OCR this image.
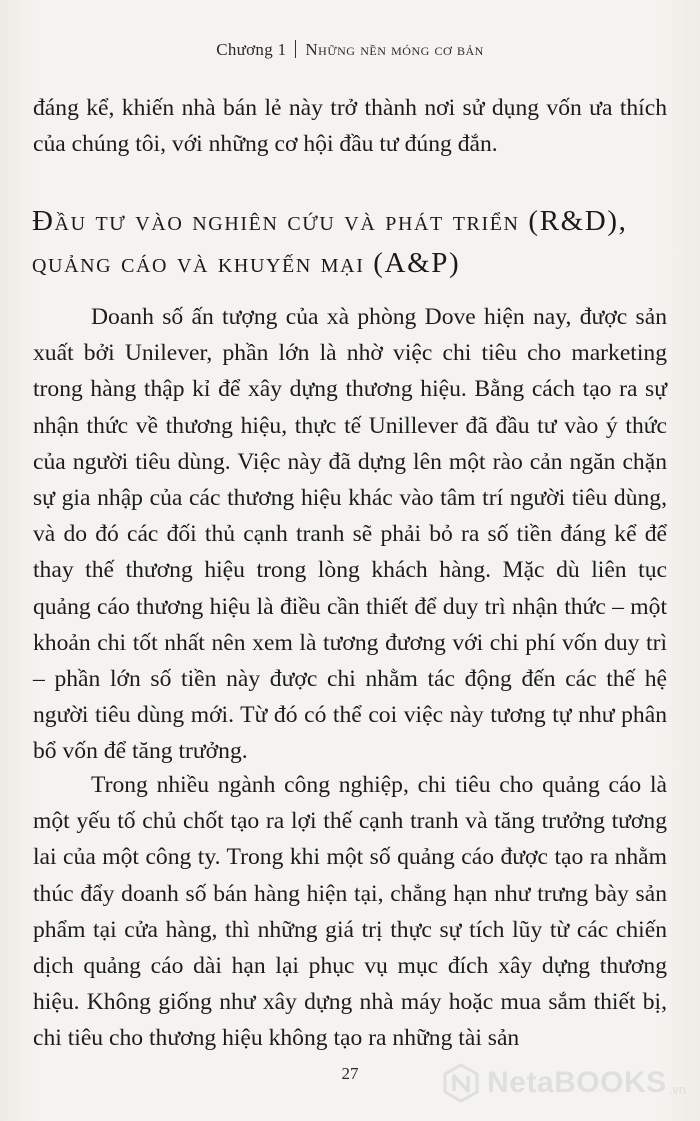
Chương 1 Những nền móng cơ bản

đáng kể, khiến nhà bán lẻ này trở thành nơi sử dụng vốn ưa thích của chúng tôi, với những cơ hội đầu tư đúng đắn.

Đầu tư vào nghiên cứu và phát triển (R&D), quảng cáo và khuyến mại (A&P)

Doanh số ấn tượng của xà phòng Dove hiện nay, được sản xuất bởi Unilever, phần lớn là nhờ việc chi tiêu cho marketing trong hàng thập kỉ để xây dựng thương hiệu. Bằng cách tạo ra sự nhận thức về thương hiệu, thực tế Unillever đã đầu tư vào ý thức của người tiêu dùng. Việc này đã dựng lên một rào cản ngăn chặn sự gia nhập của các thương hiệu khác vào tâm trí người tiêu dùng, và do đó các đối thủ cạnh tranh sẽ phải bỏ ra số tiền đáng kể để thay thế thương hiệu trong lòng khách hàng. Mặc dù liên tục quảng cáo thương hiệu là điều cần thiết để duy trì nhận thức – một khoản chi tốt nhất nên xem là tương đương với chi phí vốn duy trì – phần lớn số tiền này được chi nhằm tác động đến các thế hệ người tiêu dùng mới. Từ đó có thể coi việc này tương tự như phân bổ vốn để tăng trưởng.

Trong nhiều ngành công nghiệp, chi tiêu cho quảng cáo là một yếu tố chủ chốt tạo ra lợi thế cạnh tranh và tăng trưởng tương lai của một công ty. Trong khi một số quảng cáo được tạo ra nhằm thúc đẩy doanh số bán hàng hiện tại, chẳng hạn như trưng bày sản phẩm tại cửa hàng, thì những giá trị thực sự tích lũy từ các chiến dịch quảng cáo dài hạn lại phục vụ mục đích xây dựng thương hiệu. Không giống như xây dựng nhà máy hoặc mua sắm thiết bị, chi tiêu cho thương hiệu không tạo ra những tài sản

27	NetaBOOKS .vn
